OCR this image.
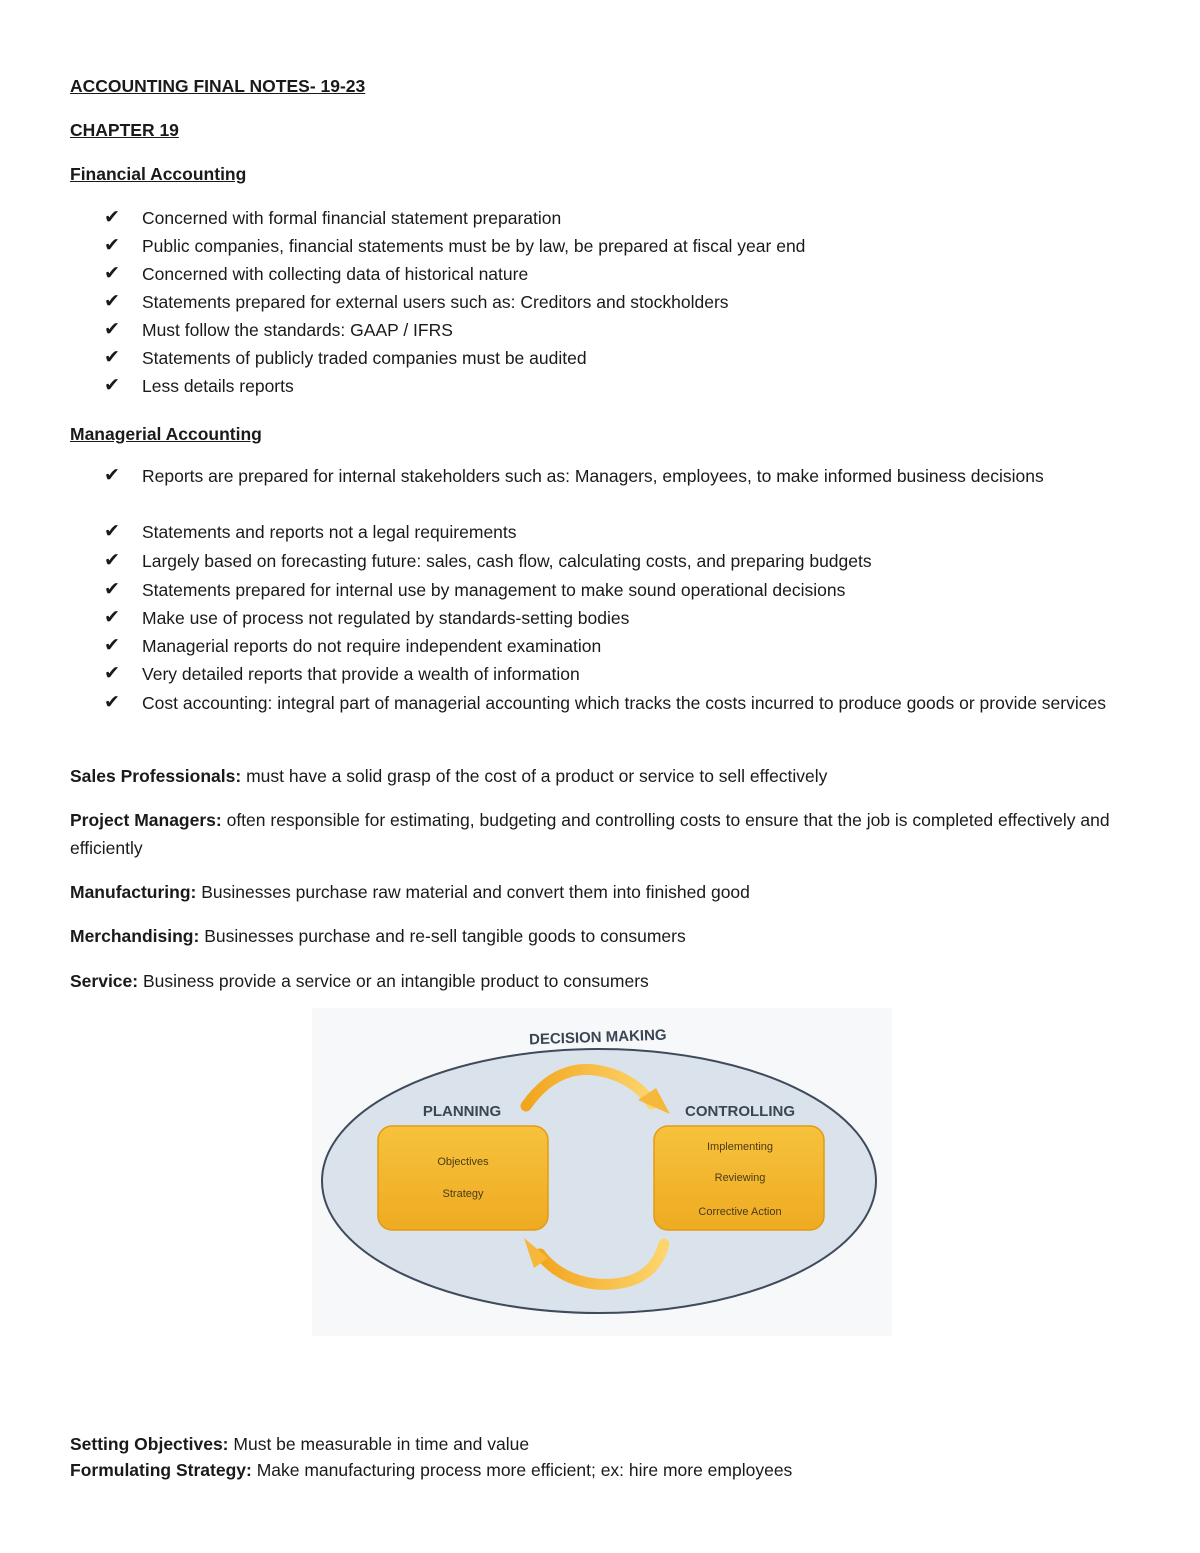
ACCOUNTING FINAL NOTES- 19-23
CHAPTER 19
Financial Accounting
✔	Concerned with formal financial statement preparation
✔	Public companies, financial statements must be by law, be prepared at fiscal year end
✔	Concerned with collecting data of historical nature
✔	Statements prepared for external users such as: Creditors and stockholders
✔	Must follow the standards: GAAP / IFRS
✔	Statements of publicly traded companies must be audited
✔	Less details reports
Managerial Accounting
✔	Reports are prepared for internal stakeholders such as: Managers, employees, to make informed business decisions
✔	Statements and reports not a legal requirements
✔	Largely based on forecasting future: sales, cash flow, calculating costs, and preparing budgets
✔	Statements prepared for internal use by management to make sound operational decisions
✔	Make use of process not regulated by standards-setting bodies
✔	Managerial reports do not require independent examination
✔	Very detailed reports that provide a wealth of information
✔	Cost accounting: integral part of managerial accounting which tracks the costs incurred to produce goods or provide services
Sales Professionals: must have a solid grasp of the cost of a product or service to sell effectively
Project Managers: often responsible for estimating, budgeting and controlling costs to ensure that the job is completed effectively and efficiently
Manufacturing: Businesses purchase raw material and convert them into finished good
Merchandising: Businesses purchase and re-sell tangible goods to consumers
Service: Business provide a service or an intangible product to consumers
DECISION MAKING
PLANNING	CONTROLLING
Objectives
Strategy
Implementing
Reviewing
Corrective Action
Setting Objectives: Must be measurable in time and value
Formulating Strategy: Make manufacturing process more efficient; ex: hire more employees
